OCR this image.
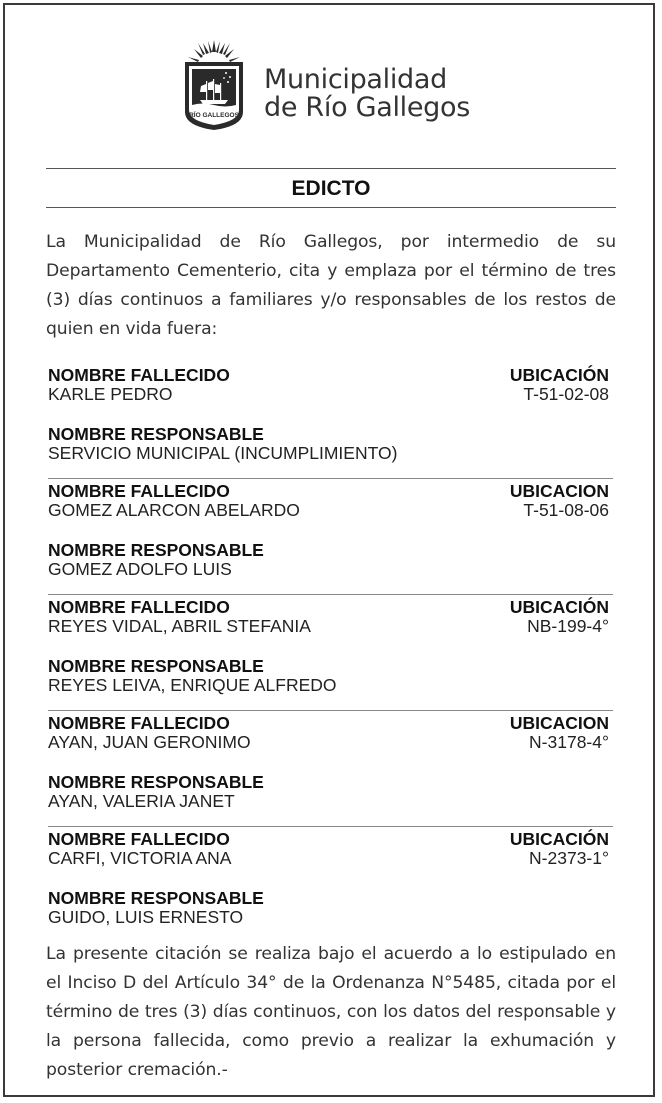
RÍO GALLEGOS
Municipalidad
de Río Gallegos
EDICTO
La Municipalidad de Río Gallegos, por intermedio de su Departamento Cementerio, cita y emplaza por el término de tres (3) días continuos a familiares y/o responsables de los restos de quien en vida fuera:
NOMBRE FALLECIDO
KARLE PEDRO
UBICACIÓN
T-51-02-08
NOMBRE RESPONSABLE
SERVICIO MUNICIPAL (INCUMPLIMIENTO)
NOMBRE FALLECIDO
GOMEZ ALARCON ABELARDO
UBICACION
T-51-08-06
NOMBRE RESPONSABLE
GOMEZ ADOLFO LUIS
NOMBRE FALLECIDO
REYES VIDAL, ABRIL STEFANIA
UBICACIÓN
NB-199-4°
NOMBRE RESPONSABLE
REYES LEIVA, ENRIQUE ALFREDO
NOMBRE FALLECIDO
AYAN, JUAN GERONIMO
UBICACION
N-3178-4°
NOMBRE RESPONSABLE
AYAN, VALERIA JANET
NOMBRE FALLECIDO
CARFI, VICTORIA ANA
UBICACIÓN
N-2373-1°
NOMBRE RESPONSABLE
GUIDO, LUIS ERNESTO
La presente citación se realiza bajo el acuerdo a lo estipulado en el Inciso D del Artículo 34° de la Ordenanza N°5485, citada por el término de tres (3) días continuos, con los datos del responsable y la persona fallecida, como previo a realizar la exhumación y posterior cremación.-
